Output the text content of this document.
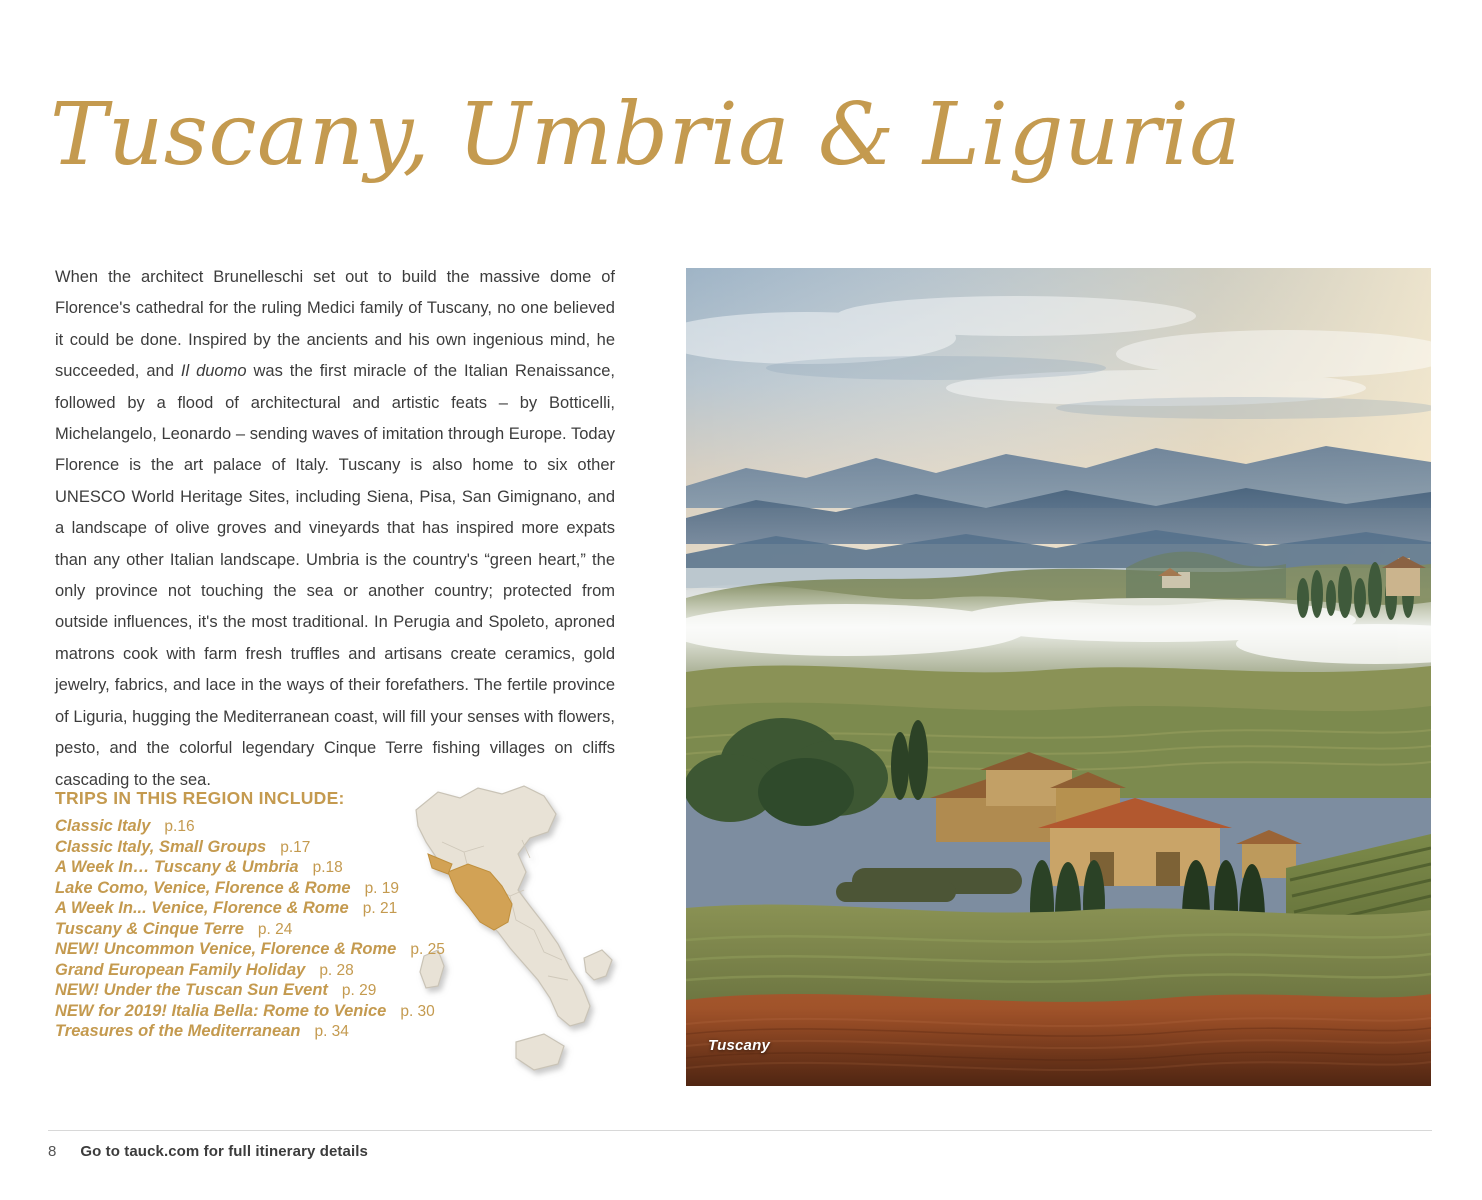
Tuscany, Umbria & Liguria

When the architect Brunelleschi set out to build the massive dome of Florence's cathedral for the ruling Medici family of Tuscany, no one believed it could be done. Inspired by the ancients and his own ingenious mind, he succeeded, and Il duomo was the first miracle of the Italian Renaissance, followed by a flood of architectural and artistic feats – by Botticelli, Michelangelo, Leonardo – sending waves of imitation through Europe. Today Florence is the art palace of Italy. Tuscany is also home to six other UNESCO World Heritage Sites, including Siena, Pisa, San Gimignano, and a landscape of olive groves and vineyards that has inspired more expats than any other Italian landscape. Umbria is the country's “green heart,” the only province not touching the sea or another country; protected from outside influences, it's the most traditional. In Perugia and Spoleto, aproned matrons cook with farm fresh truffles and artisans create ceramics, gold jewelry, fabrics, and lace in the ways of their forefathers. The fertile province of Liguria, hugging the Mediterranean coast, will fill your senses with flowers, pesto, and the colorful legendary Cinque Terre fishing villages on cliffs cascading to the sea.

TRIPS IN THIS REGION INCLUDE:
Classic Italy p.16
Classic Italy, Small Groups p.17
A Week In… Tuscany & Umbria p.18
Lake Como, Venice, Florence & Rome p. 19
A Week In... Venice, Florence & Rome p. 21
Tuscany & Cinque Terre p. 24
NEW! Uncommon Venice, Florence & Rome p. 25
Grand European Family Holiday p. 28
NEW! Under the Tuscan Sun Event p. 29
NEW for 2019! Italia Bella: Rome to Venice p. 30
Treasures of the Mediterranean p. 34
Tuscany
8 Go to tauck.com for full itinerary details
